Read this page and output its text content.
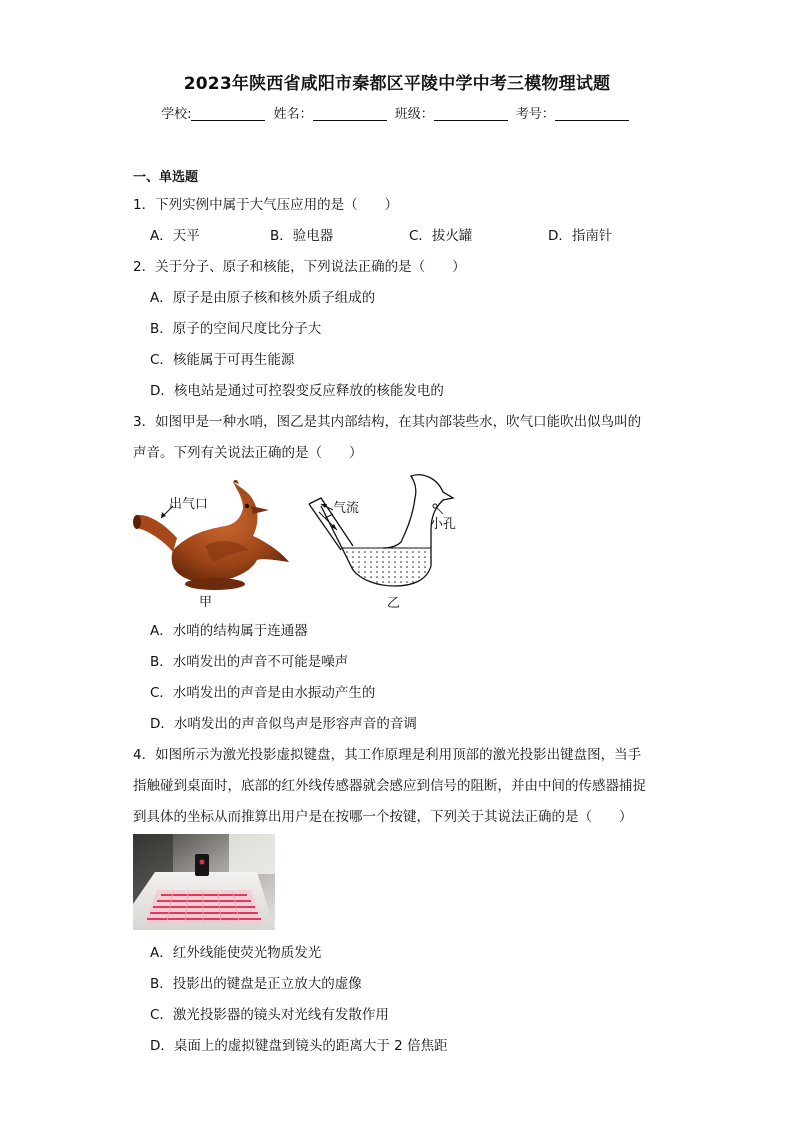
2023年陕西省咸阳市秦都区平陵中学中考三模物理试题
学校:	姓名：	班级：	考号：
一、单选题
1．下列实例中属于大气压应用的是（　　）
A．天平	B．验电器	C．拔火罐	D．指南针
2．关于分子、原子和核能，下列说法正确的是（　　）
A．原子是由原子核和核外质子组成的
B．原子的空间尺度比分子大
C．核能属于可再生能源
D．核电站是通过可控裂变反应释放的核能发电的
3．如图甲是一种水哨，图乙是其内部结构，在其内部装些水，吹气口能吹出似鸟叫的
声音。下列有关说法正确的是（　　）
出气口
甲
气流
小孔
乙
A．水哨的结构属于连通器
B．水哨发出的声音不可能是噪声
C．水哨发出的声音是由水振动产生的
D．水哨发出的声音似鸟声是形容声音的音调
4．如图所示为激光投影虚拟键盘，其工作原理是利用顶部的激光投影出键盘图，当手
指触碰到桌面时，底部的红外线传感器就会感应到信号的阻断，并由中间的传感器捕捉
到具体的坐标从而推算出用户是在按哪一个按键，下列关于其说法正确的是（　　）
A．红外线能使荧光物质发光
B．投影出的键盘是正立放大的虚像
C．激光投影器的镜头对光线有发散作用
D．桌面上的虚拟键盘到镜头的距离大于 2 倍焦距
